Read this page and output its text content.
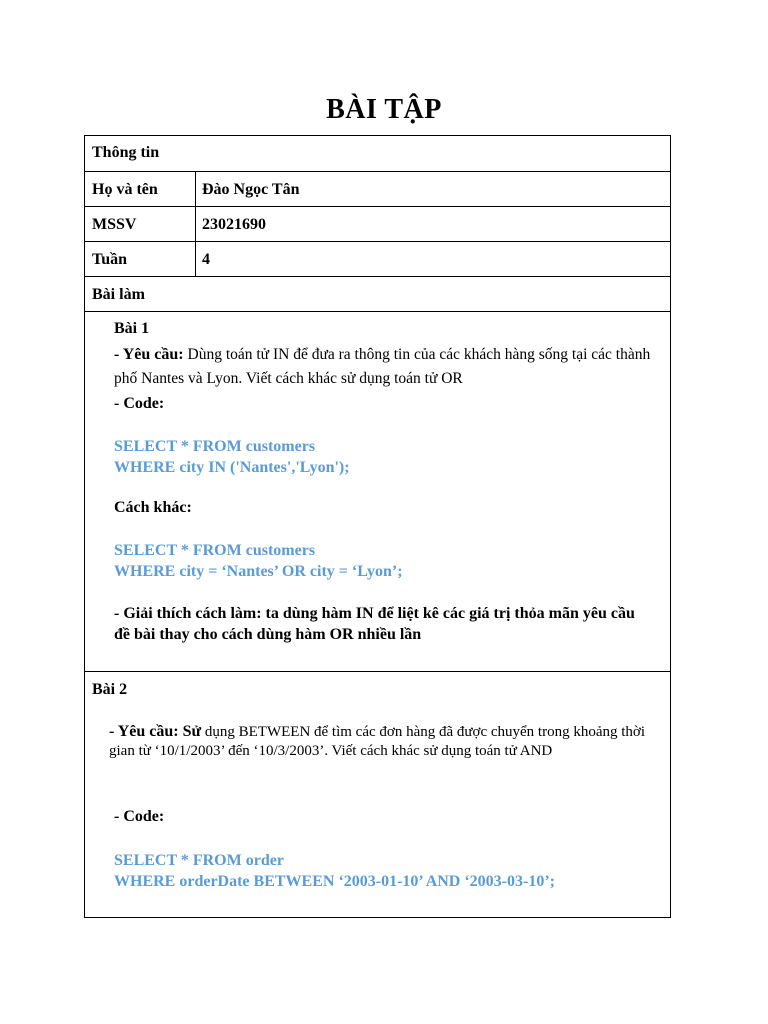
BÀI TẬP
Thông tin
Họ và tên	Đào Ngọc Tân
MSSV	23021690
Tuần	4
Bài làm
Bài 1
- Yêu cầu: Dùng toán tử IN để đưa ra thông tin của các khách hàng sống tại các thành phố Nantes và Lyon. Viết cách khác sử dụng toán tử OR
- Code:
SELECT * FROM customers
WHERE city IN ('Nantes','Lyon');
Cách khác:
SELECT * FROM customers
WHERE city = ‘Nantes’ OR city = ‘Lyon’;
- Giải thích cách làm: ta dùng hàm IN để liệt kê các giá trị thỏa mãn yêu cầu đề bài thay cho cách dùng hàm OR nhiều lần
Bài 2
- Yêu cầu: Sử dụng BETWEEN để tìm các đơn hàng đã được chuyển trong khoảng thời gian từ ‘10/1/2003’ đến ‘10/3/2003’. Viết cách khác sử dụng toán tử AND
- Code:
SELECT * FROM order
WHERE orderDate BETWEEN ‘2003-01-10’ AND ‘2003-03-10’;
